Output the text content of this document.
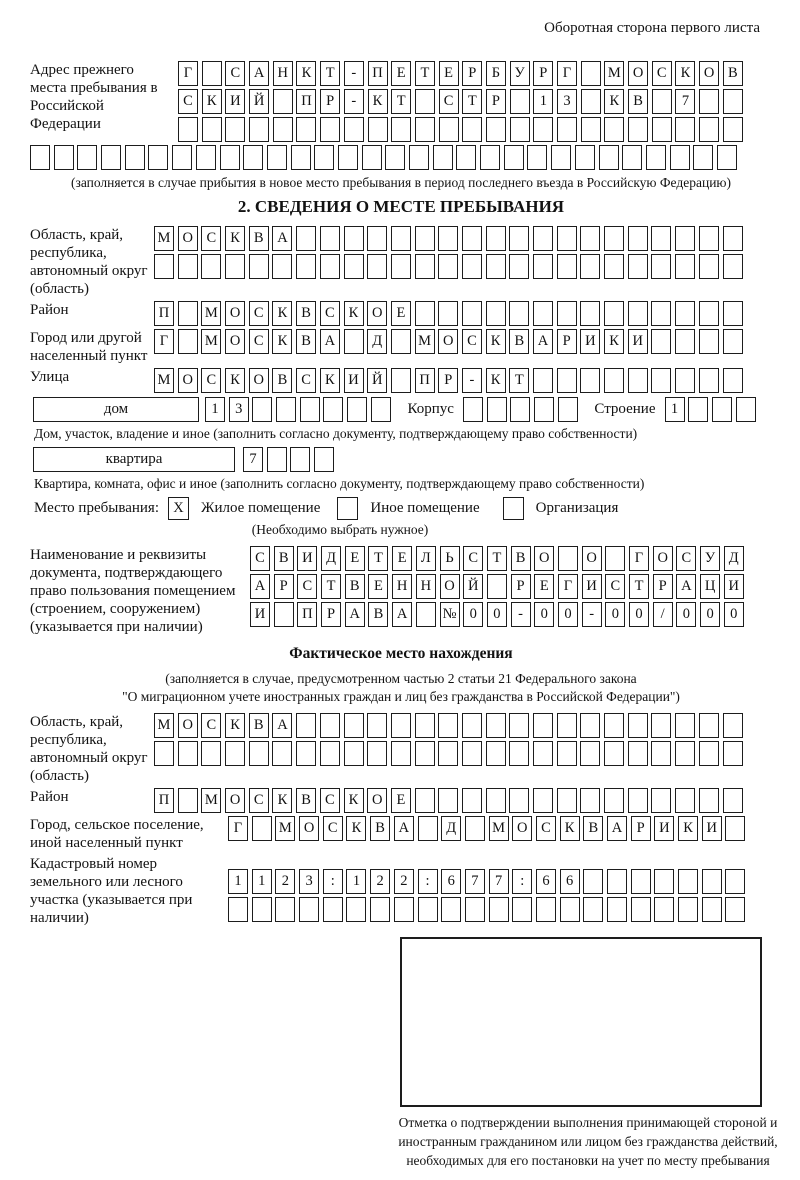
Оборотная сторона первого листа
Адрес прежнего места пребывания в Российской Федерации
Г	С А Н К Т	-	П Е	Т	Е	Р	Б У	Р	Г	М О С К О В
С К И Й	П Р	-	К Т	С Т	Р	1	3	К В	7
(заполняется в случае прибытия в новое место пребывания в период последнего въезда в Российскую Федерацию)
2. СВЕДЕНИЯ О МЕСТЕ ПРЕБЫВАНИЯ
Область, край, республика, автономный округ (область)
М О С К В А
Район	П	М О С К В С К О Е
Город или другой населенный пункт
Г	М О С К В А	Д	М О С К В А Р И К И
Улица	М О С К О В С К И Й	П Р	-	К Т
дом	1	3	Корпус	Строение	1
Дом, участок, владение и иное (заполнить согласно документу, подтверждающему право собственности)
квартира	7
Квартира, комната, офис и иное (заполнить согласно документу, подтверждающему право собственности)
Место пребывания: X	Жилое помещение	Иное помещение	Организация
(Необходимо выбрать нужное)
Наименование и реквизиты документа, подтверждающего право пользования помещением (строением, сооружением) (указывается при наличии)
С В И Д Е	Т	Е Л	Ь	С Т В О	О	Г О С У Д
А Р	С Т В Е Н Н О Й	Р	Е	Г И С Т	Р А Ц И
И	П Р А В А	№ 0	0	-	0	0	-	0	0	/	0	0	0
Фактическое место нахождения
(заполняется в случае, предусмотренном частью 2 статьи 21 Федерального закона
"О миграционном учете иностранных граждан и лиц без гражданства в Российской Федерации")
Область, край, республика, автономный округ (область)
М О С К В А
Район	П	М О С К В С К О Е
Город, сельское поселение, иной населенный пункт
Г	М О С К В А	Д	М О С К В А Р И К И
Кадастровый номер земельного или лесного участка (указывается при наличии)
1	1	2	3	:	1	2	2	:	6	7	7	:	6	6
Отметка о подтверждении выполнения принимающей стороной и иностранным гражданином или лицом без гражданства действий, необходимых для его постановки на учет по месту пребывания
